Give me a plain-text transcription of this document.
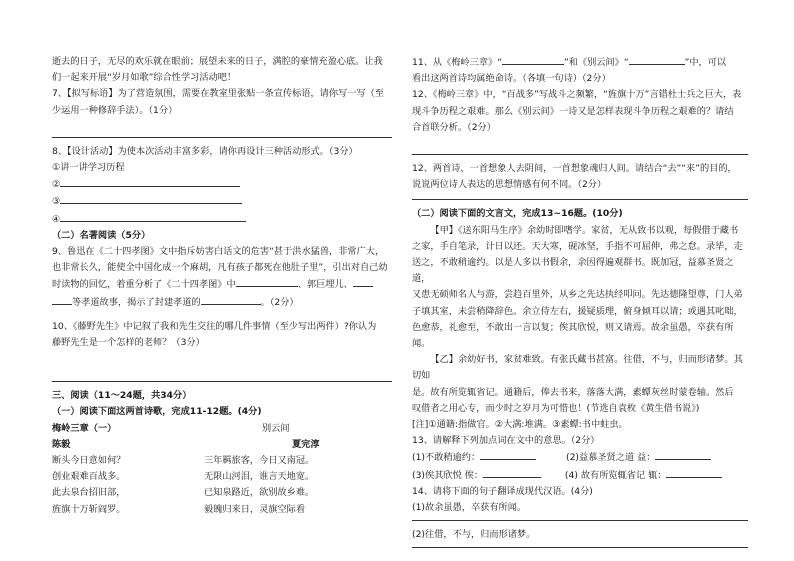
逝去的日子，无尽的欢乐就在眼前；展望未来的日子，满腔的豪情充盈心底。让我

们一起来开展“岁月如歌”综合性学习活动吧！

7、【拟写标语】为了营造氛围，需要在教室里张贴一条宣传标语，请你写一写（至

少运用一种修辞手法）。（1分）

8、【设计活动】为使本次活动丰富多彩，请你再设计三种活动形式。（3分）

①讲一讲学习历程

②

③

④

（二）名著阅读（5分）

9、鲁迅在《二十四孝图》文中指斥妨害白话文的危害“甚于洪水猛兽，非常广大，

也非常长久，能使全中国化成一个麻胡，凡有孩子都死在他肚子里”，引出对自己幼

时读物的回忆，着重分析了《二十四孝图》中	、郭巨埋儿、

等孝道故事，揭示了封建孝道的	。（2分）

10、《藤野先生》中记叙了我和先生交往的哪几件事情（至少写出两件）?你认为

藤野先生是一个怎样的老师？（3分）

三、阅读（11～24题，共34分）

（一）阅读下面这两首诗歌，完成11-12题。(4分)

梅岭三章（一）

陈毅

断头今日意如何？

创业艰难百战多。

此去泉台招旧部，

旌旗十万斩阎罗。

别云间

夏完淳

三年羁旅客，今日又南冠。

无限山河泪，谁言天地宽。

已知泉路近，欲别故乡难。

毅魄归来日，灵旗空际看

11、从《梅岭三章》“	”和《别云间》“	”中，可以

看出这两首诗均属绝命诗。（各填一句诗）（2分）

12、《梅岭三章》中，“百战多”写战斗之频繁，“旌旗十万”言错杜士兵之巨大，表

现斗争历程之艰难。那么《别云间》一诗又是怎样表现斗争历程之艰难的？请结

合首联分析。（2分）

12、两首诗，一首想象人去阴间，一首想象魂归人间。请结合“去”“来”的目的，

说说两位诗人表达的思想情感有何不同。（2分）

（二）阅读下面的文言文，完成13~16题。(10分)

【甲】《送东阳马生序》余幼时即嗜学。家贫，无从致书以观，每假借于藏书

之家，手自笔录，计日以还。天大寒，砚冰坚，手指不可屈伸，弗之怠。录毕，走

送之，不敢稍逾约。以是人多以书假余，余因得遍观群书。既加冠，益慕圣贤之道，

又患无硕师名人与游，尝趋百里外，从乡之先达执经叩问。先达德隆望尊，门人弟

子填其室，未尝稍降辞色。余立侍左右，援疑质理，俯身倾耳以请；或遇其叱咄，

色愈恭，礼愈至，不敢出一言以复；俟其欣悦，则又请焉。故余虽愚，卒获有所闻。

【乙】余幼好书，家贫难致。有张氏藏书甚富。往借，不与，归而形诸梦。其切如

是。故有所览辄省记。通籍后，俸去书来，落落大满，素蟫灰丝时蒙卷轴。然后

叹借者之用心专，而少时之岁月为可惜也！(节选自袁枚《黄生借书说》)

[注]①通籍:指做官。②大满:堆满。③素蟫:书中蛀虫。

13、请解释下列加点词在文中的意思。（2分）

(1)不敢稍逾约：	(2)益慕圣贤之道 益：

(3)俟其欣悦 俟：	(4) 故有所览辄省记 辄：

14、请将下面的句子翻译成现代汉语。(4分)

(1)故余虽愚，卒获有所闻。

(2)往借，不与，归而形诸梦。
